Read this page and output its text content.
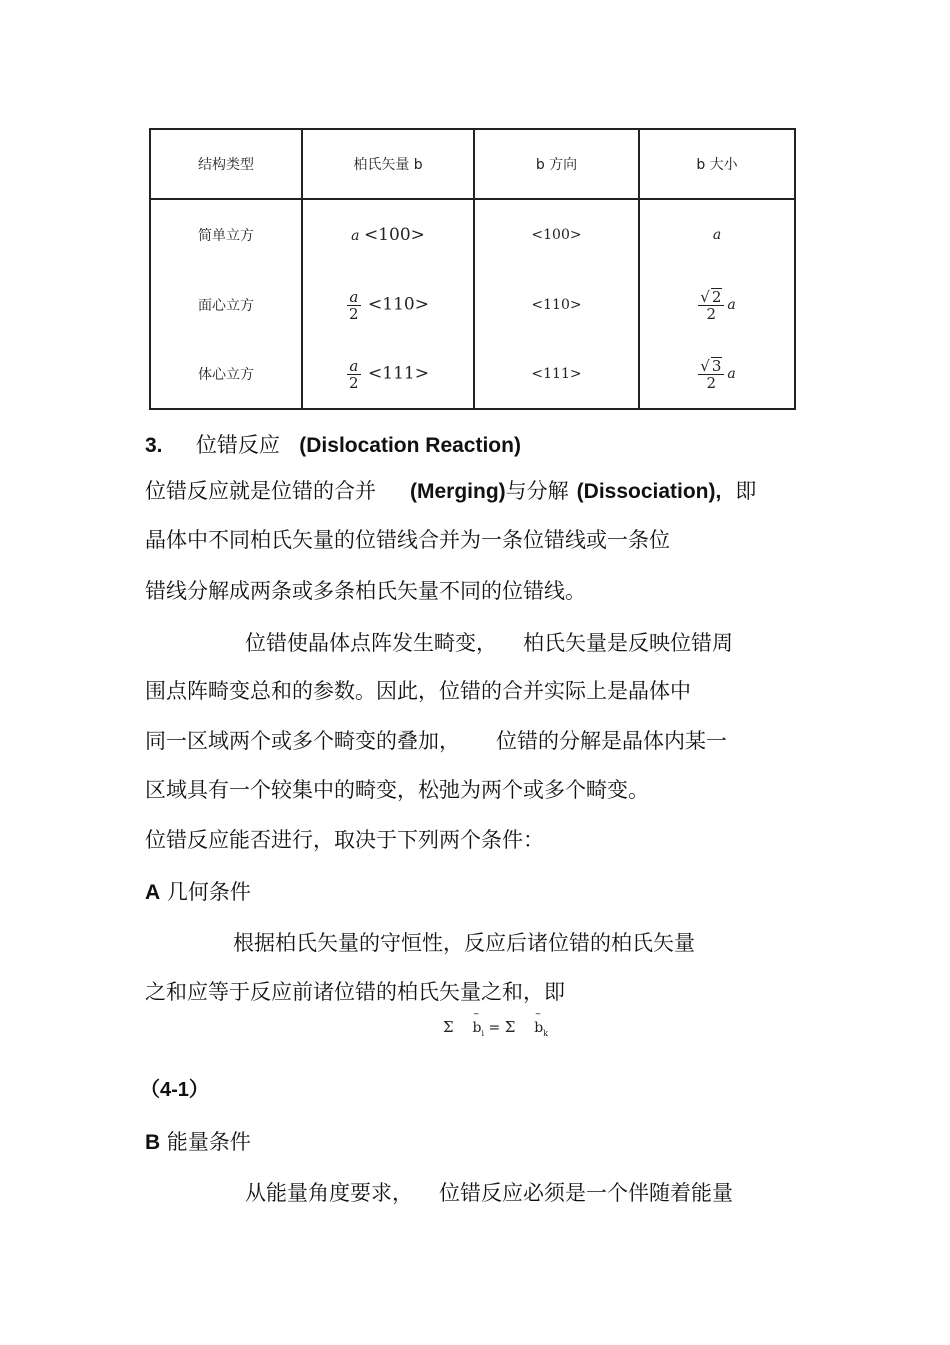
结构类型	柏氏矢量 b	b 方向	b 大小
简单立方	a <100>	<100>	a
面心立方	$\frac{a}{2} <110>$	<110>	$\frac{√ 2}{2}$ a
体心立方	$\frac{a}{2} <111>$	<111>	$\frac{√ 3}{2}$ a
3. 位错反应 (Dislocation Reaction)
位错反应就是位错的合并 (Merging)与分解 (Dissociation), 即
晶体中不同柏氏矢量的位错线合并为一条位错线或一条位
错线分解成两条或多条柏氏矢量不同的位错线。
位错使晶体点阵发生畸变， 柏氏矢量是反映位错周
围点阵畸变总和的参数。因此，位错的合并实际上是晶体中
同一区域两个或多个畸变的叠加， 位错的分解是晶体内某一
区域具有一个较集中的畸变，松弛为两个或多个畸变。
位错反应能否进行，取决于下列两个条件：
A 几何条件
根据柏氏矢量的守恒性，反应后诸位错的柏氏矢量
之和应等于反应前诸位错的柏氏矢量之和，即
Σ
–
$b_i = \Sigma$
–
$b_k$
（4-1）
B 能量条件
从能量角度要求， 位错反应必须是一个伴随着能量
